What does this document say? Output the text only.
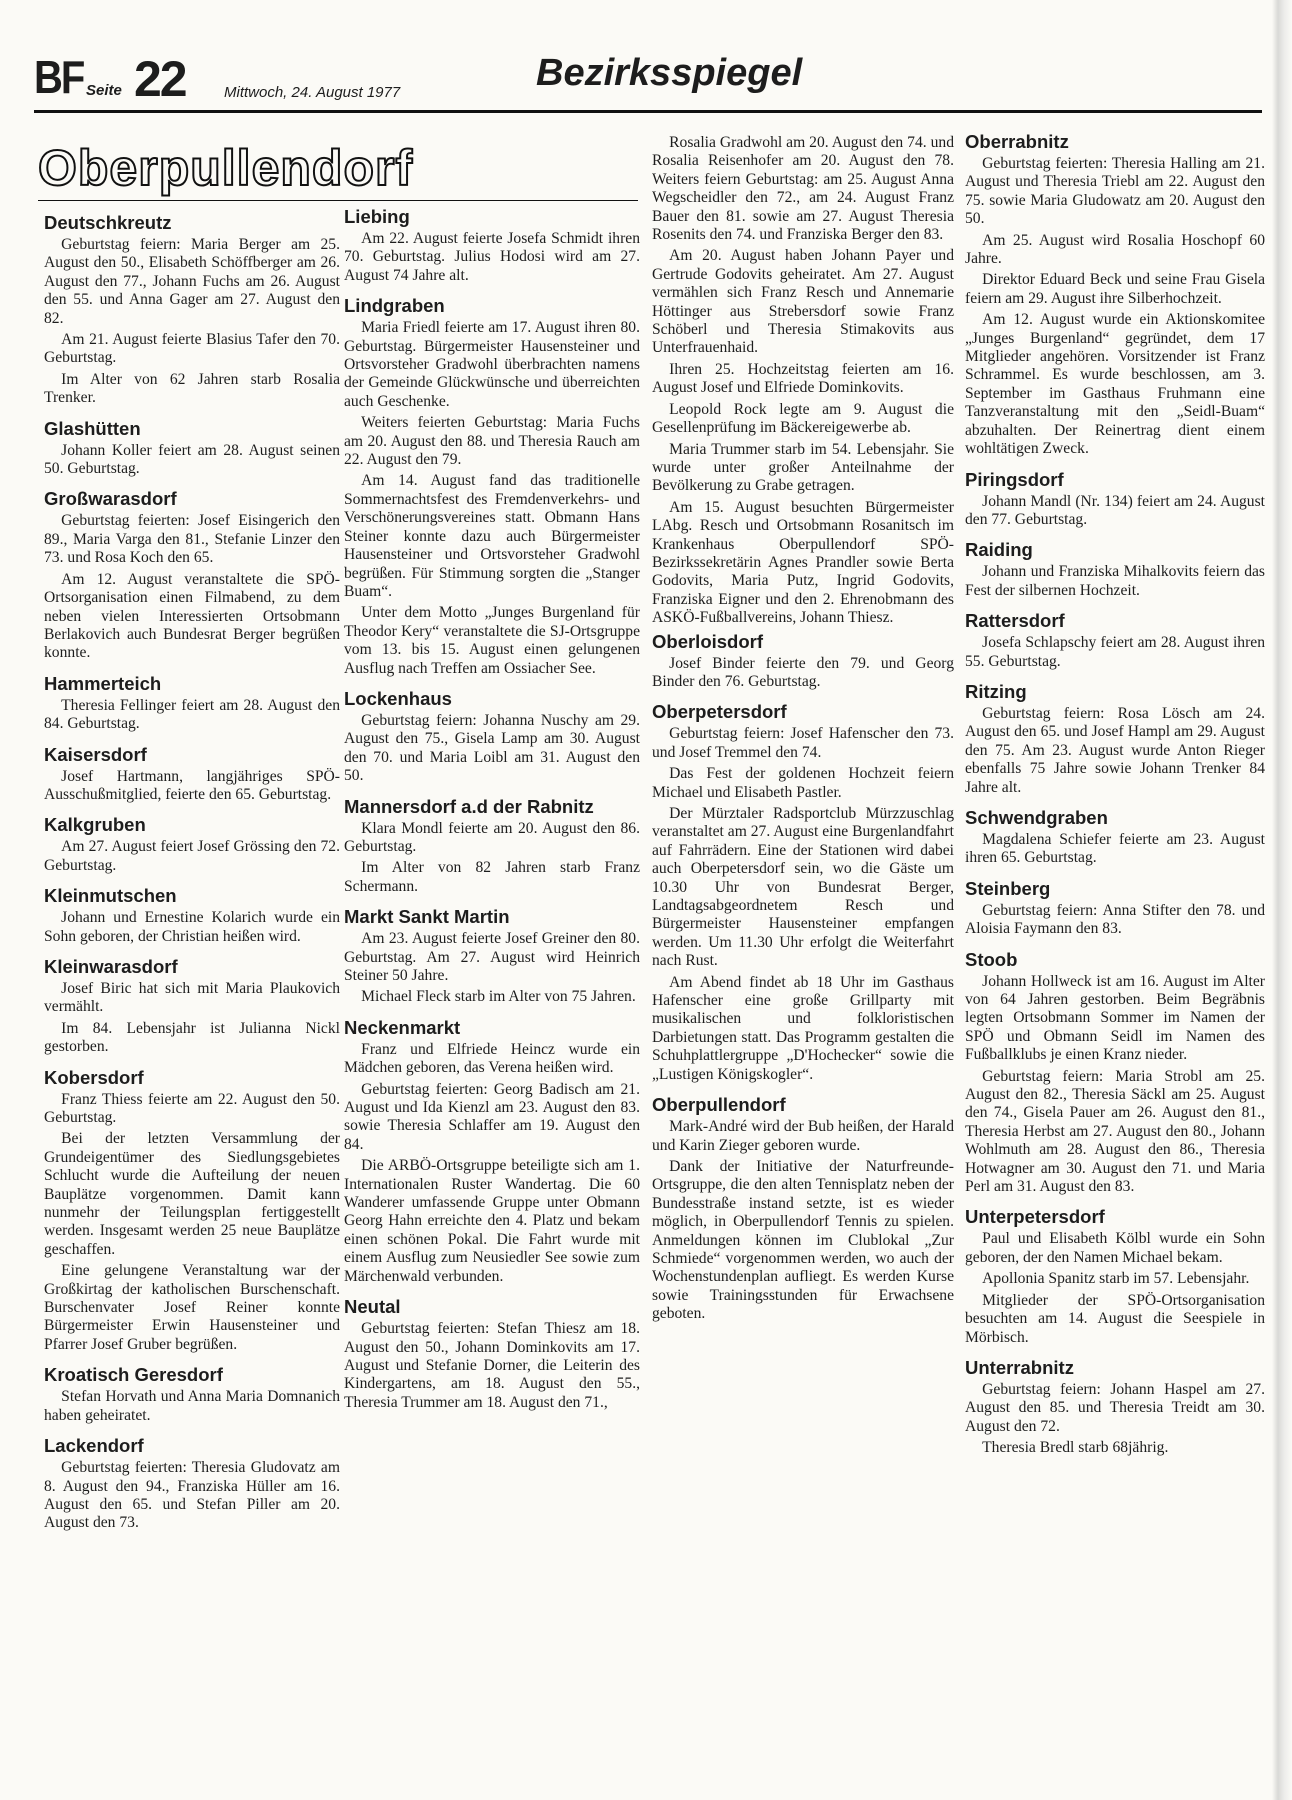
BF Seite 22	Mittwoch, 24. August 1977	Bezirksspiegel
Oberpullendorf
Deutschkreutz

Geburtstag feiern: Maria Berger am 25. August den 50., Elisabeth Schöffberger am 26. August den 77., Johann Fuchs am 26. August den 55. und Anna Gager am 27. August den 82.

Am 21. August feierte Blasius Tafer den 70. Geburtstag.

Im Alter von 62 Jahren starb Rosalia Trenker.

Glashütten

Johann Koller feiert am 28. August seinen 50. Geburtstag.

Großwarasdorf

Geburtstag feierten: Josef Eisingerich den 89., Maria Varga den 81., Stefanie Linzer den 73. und Rosa Koch den 65.

Am 12. August veranstaltete die SPÖ-Ortsorganisation einen Filmabend, zu dem neben vielen Interessierten Ortsobmann Berlakovich auch Bundesrat Berger begrüßen konnte.

Hammerteich

Theresia Fellinger feiert am 28. August den 84. Geburtstag.

Kaisersdorf

Josef Hartmann, langjähriges SPÖ-Ausschußmitglied, feierte den 65. Geburtstag.

Kalkgruben

Am 27. August feiert Josef Grössing den 72. Geburtstag.

Kleinmutschen

Johann und Ernestine Kolarich wurde ein Sohn geboren, der Christian heißen wird.

Kleinwarasdorf

Josef Biric hat sich mit Maria Plaukovich vermählt.

Im 84. Lebensjahr ist Julianna Nickl gestorben.

Kobersdorf

Franz Thiess feierte am 22. August den 50. Geburtstag.

Bei der letzten Versammlung der Grundeigentümer des Siedlungsgebietes Schlucht wurde die Aufteilung der neuen Bauplätze vorgenommen. Damit kann nunmehr der Teilungsplan fertiggestellt werden. Insgesamt werden 25 neue Bauplätze geschaffen.

Eine gelungene Veranstaltung war der Großkirtag der katholischen Burschenschaft. Burschenvater Josef Reiner konnte Bürgermeister Erwin Hausensteiner und Pfarrer Josef Gruber begrüßen.

Kroatisch Geresdorf

Stefan Horvath und Anna Maria Domnanich haben geheiratet.

Lackendorf

Geburtstag feierten: Theresia Gludovatz am 8. August den 94., Franziska Hüller am 16. August den 65. und Stefan Piller am 20. August den 73.

Liebing

Am 22. August feierte Josefa Schmidt ihren 70. Geburtstag. Julius Hodosi wird am 27. August 74 Jahre alt.

Lindgraben

Maria Friedl feierte am 17. August ihren 80. Geburtstag. Bürgermeister Hausensteiner und Ortsvorsteher Gradwohl überbrachten namens der Gemeinde Glückwünsche und überreichten auch Geschenke.

Weiters feierten Geburtstag: Maria Fuchs am 20. August den 88. und Theresia Rauch am 22. August den 79.

Am 14. August fand das traditionelle Sommernachtsfest des Fremdenverkehrs- und Verschönerungsvereines statt. Obmann Hans Steiner konnte dazu auch Bürgermeister Hausensteiner und Ortsvorsteher Gradwohl begrüßen. Für Stimmung sorgten die „Stanger Buam“.

Unter dem Motto „Junges Burgenland für Theodor Kery“ veranstaltete die SJ-Ortsgruppe vom 13. bis 15. August einen gelungenen Ausflug nach Treffen am Ossiacher See.

Lockenhaus

Geburtstag feiern: Johanna Nuschy am 29. August den 75., Gisela Lamp am 30. August den 70. und Maria Loibl am 31. August den 50.

Mannersdorf a.d der Rabnitz

Klara Mondl feierte am 20. August den 86. Geburtstag.

Im Alter von 82 Jahren starb Franz Schermann.

Markt Sankt Martin

Am 23. August feierte Josef Greiner den 80. Geburtstag. Am 27. August wird Heinrich Steiner 50 Jahre.

Michael Fleck starb im Alter von 75 Jahren.

Neckenmarkt

Franz und Elfriede Heincz wurde ein Mädchen geboren, das Verena heißen wird.

Geburtstag feierten: Georg Badisch am 21. August und Ida Kienzl am 23. August den 83. sowie Theresia Schlaffer am 19. August den 84.

Die ARBÖ-Ortsgruppe beteiligte sich am 1. Internationalen Ruster Wandertag. Die 60 Wanderer umfassende Gruppe unter Obmann Georg Hahn erreichte den 4. Platz und bekam einen schönen Pokal. Die Fahrt wurde mit einem Ausflug zum Neusiedler See sowie zum Märchenwald verbunden.

Neutal

Geburtstag feierten: Stefan Thiesz am 18. August den 50., Johann Dominkovits am 17. August und Stefanie Dorner, die Leiterin des Kindergartens, am 18. August den 55., Theresia Trummer am 18. August den 71.,

Rosalia Gradwohl am 20. August den 74. und Rosalia Reisenhofer am 20. August den 78. Weiters feiern Geburtstag: am 25. August Anna Wegscheidler den 72., am 24. August Franz Bauer den 81. sowie am 27. August Theresia Rosenits den 74. und Franziska Berger den 83.

Am 20. August haben Johann Payer und Gertrude Godovits geheiratet. Am 27. August vermählen sich Franz Resch und Annemarie Höttinger aus Strebersdorf sowie Franz Schöberl und Theresia Stimakovits aus Unterfrauenhaid.

Ihren 25. Hochzeitstag feierten am 16. August Josef und Elfriede Dominkovits.

Leopold Rock legte am 9. August die Gesellenprüfung im Bäckereigewerbe ab.

Maria Trummer starb im 54. Lebensjahr. Sie wurde unter großer Anteilnahme der Bevölkerung zu Grabe getragen.

Am 15. August besuchten Bürgermeister LAbg. Resch und Ortsobmann Rosanitsch im Krankenhaus Oberpullendorf SPÖ-Bezirkssekretärin Agnes Prandler sowie Berta Godovits, Maria Putz, Ingrid Godovits, Franziska Eigner und den 2. Ehrenobmann des ASKÖ-Fußballvereins, Johann Thiesz.

Oberloisdorf

Josef Binder feierte den 79. und Georg Binder den 76. Geburtstag.

Oberpetersdorf

Geburtstag feiern: Josef Hafenscher den 73. und Josef Tremmel den 74.

Das Fest der goldenen Hochzeit feiern Michael und Elisabeth Pastler.

Der Mürztaler Radsportclub Mürzzuschlag veranstaltet am 27. August eine Burgenlandfahrt auf Fahrrädern. Eine der Stationen wird dabei auch Oberpetersdorf sein, wo die Gäste um 10.30 Uhr von Bundesrat Berger, Landtagsabgeordnetem Resch und Bürgermeister Hausensteiner empfangen werden. Um 11.30 Uhr erfolgt die Weiterfahrt nach Rust.

Am Abend findet ab 18 Uhr im Gasthaus Hafenscher eine große Grillparty mit musikalischen und folkloristischen Darbietungen statt. Das Programm gestalten die Schuhplattlergruppe „D'Hochecker“ sowie die „Lustigen Königskogler“.

Oberpullendorf

Mark-André wird der Bub heißen, der Harald und Karin Zieger geboren wurde.

Dank der Initiative der Naturfreunde-Ortsgruppe, die den alten Tennisplatz neben der Bundesstraße instand setzte, ist es wieder möglich, in Oberpullendorf Tennis zu spielen. Anmeldungen können im Clublokal „Zur Schmiede“ vorgenommen werden, wo auch der Wochenstundenplan aufliegt. Es werden Kurse sowie Trainingsstunden für Erwachsene geboten.

Oberrabnitz

Geburtstag feierten: Theresia Halling am 21. August und Theresia Triebl am 22. August den 75. sowie Maria Gludowatz am 20. August den 50.

Am 25. August wird Rosalia Hoschopf 60 Jahre.

Direktor Eduard Beck und seine Frau Gisela feiern am 29. August ihre Silberhochzeit.

Am 12. August wurde ein Aktionskomitee „Junges Burgenland“ gegründet, dem 17 Mitglieder angehören. Vorsitzender ist Franz Schrammel. Es wurde beschlossen, am 3. September im Gasthaus Fruhmann eine Tanzveranstaltung mit den „Seidl-Buam“ abzuhalten. Der Reinertrag dient einem wohltätigen Zweck.

Piringsdorf

Johann Mandl (Nr. 134) feiert am 24. August den 77. Geburtstag.

Raiding

Johann und Franziska Mihalkovits feiern das Fest der silbernen Hochzeit.

Rattersdorf

Josefa Schlapschy feiert am 28. August ihren 55. Geburtstag.

Ritzing

Geburtstag feiern: Rosa Lösch am 24. August den 65. und Josef Hampl am 29. August den 75. Am 23. August wurde Anton Rieger ebenfalls 75 Jahre sowie Johann Trenker 84 Jahre alt.

Schwendgraben

Magdalena Schiefer feierte am 23. August ihren 65. Geburtstag.

Steinberg

Geburtstag feiern: Anna Stifter den 78. und Aloisia Faymann den 83.

Stoob

Johann Hollweck ist am 16. August im Alter von 64 Jahren gestorben. Beim Begräbnis legten Ortsobmann Sommer im Namen der SPÖ und Obmann Seidl im Namen des Fußballklubs je einen Kranz nieder.

Geburtstag feiern: Maria Strobl am 25. August den 82., Theresia Säckl am 25. August den 74., Gisela Pauer am 26. August den 81., Theresia Herbst am 27. August den 80., Johann Wohlmuth am 28. August den 86., Theresia Hotwagner am 30. August den 71. und Maria Perl am 31. August den 83.

Unterpetersdorf

Paul und Elisabeth Kölbl wurde ein Sohn geboren, der den Namen Michael bekam.

Apollonia Spanitz starb im 57. Lebensjahr.

Mitglieder der SPÖ-Ortsorganisation besuchten am 14. August die Seespiele in Mörbisch.

Unterrabnitz

Geburtstag feiern: Johann Haspel am 27. August den 85. und Theresia Treidt am 30. August den 72.

Theresia Bredl starb 68jährig.
